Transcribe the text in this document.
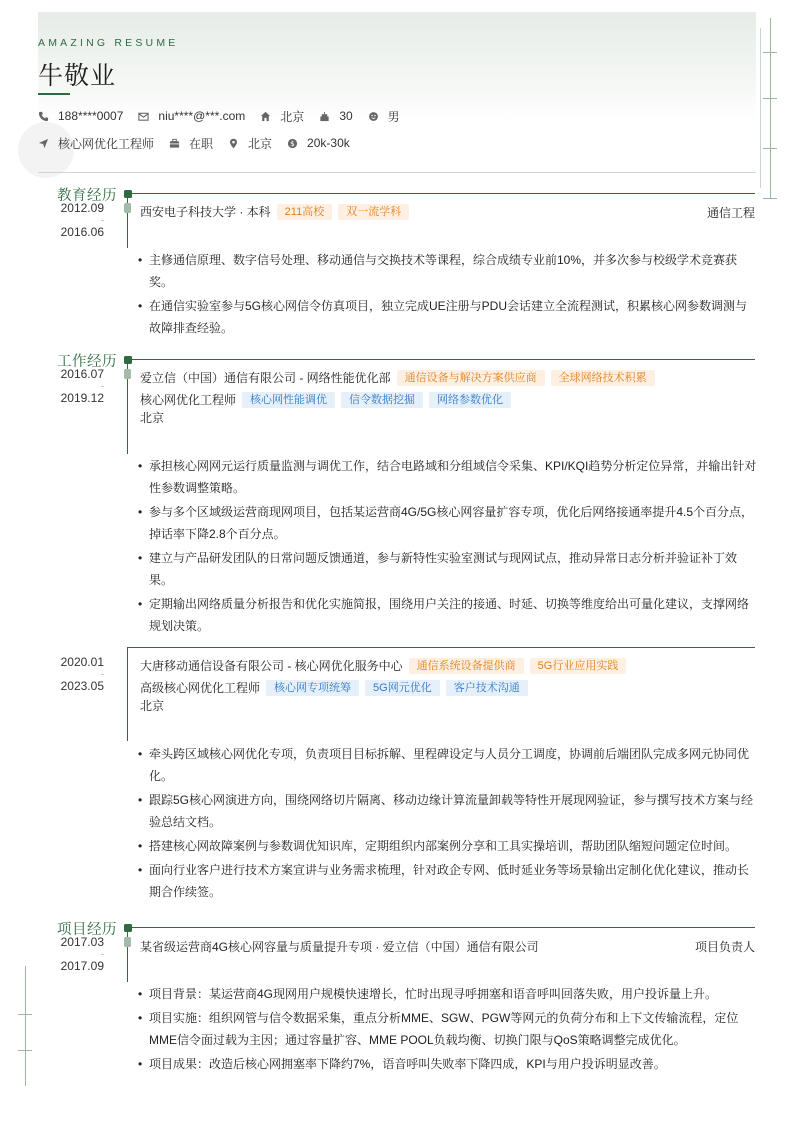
AMAZING RESUME
牛敬业
188****0007	niu****@***.com	北京	30	男
核心网优化工程师	在职	北京 $ 20k-30k
教育经历
2012.09
-
2016.06
西安电子科技大学 · 本科	211高校	双一流学科	通信工程
• 主修通信原理、数字信号处理、移动通信与交换技术等课程，综合成绩专业前10%，并多次参与校级学术竞赛获奖。
• 在通信实验室参与5G核心网信令仿真项目，独立完成UE注册与PDU会话建立全流程测试，积累核心网参数调测与故障排查经验。
工作经历
2016.07
-
2019.12
爱立信（中国）通信有限公司 - 网络性能优化部	通信设备与解决方案供应商	全球网络技术积累
核心网优化工程师	核心网性能调优	信令数据挖掘	网络参数优化
北京
• 承担核心网网元运行质量监测与调优工作，结合电路域和分组域信令采集、KPI/KQI趋势分析定位异常，并输出针对性参数调整策略。
• 参与多个区域级运营商现网项目，包括某运营商4G/5G核心网容量扩容专项，优化后网络接通率提升4.5个百分点，掉话率下降2.8个百分点。
• 建立与产品研发团队的日常问题反馈通道，参与新特性实验室测试与现网试点，推动异常日志分析并验证补丁效果。
• 定期输出网络质量分析报告和优化实施简报，围绕用户关注的接通、时延、切换等维度给出可量化建议，支撑网络规划决策。
2020.01
-
2023.05
大唐移动通信设备有限公司 - 核心网优化服务中心	通信系统设备提供商	5G行业应用实践
高级核心网优化工程师	核心网专项统筹	5G网元优化	客户技术沟通
北京
• 牵头跨区域核心网优化专项，负责项目目标拆解、里程碑设定与人员分工调度，协调前后端团队完成多网元协同优化。
• 跟踪5G核心网演进方向，围绕网络切片隔离、移动边缘计算流量卸载等特性开展现网验证，参与撰写技术方案与经验总结文档。
• 搭建核心网故障案例与参数调优知识库，定期组织内部案例分享和工具实操培训，帮助团队缩短问题定位时间。
• 面向行业客户进行技术方案宣讲与业务需求梳理，针对政企专网、低时延业务等场景输出定制化优化建议，推动长期合作续签。
项目经历
2017.03
-
2017.09
某省级运营商4G核心网容量与质量提升专项 · 爱立信（中国）通信有限公司	项目负责人
• 项目背景：某运营商4G现网用户规模快速增长，忙时出现寻呼拥塞和语音呼叫回落失败，用户投诉量上升。
• 项目实施：组织网管与信令数据采集，重点分析MME、SGW、PGW等网元的负荷分布和上下文传输流程，定位MME信令面过载为主因；通过容量扩容、MME POOL负载均衡、切换门限与QoS策略调整完成优化。
• 项目成果：改造后核心网拥塞率下降约7%，语音呼叫失败率下降四成，KPI与用户投诉明显改善。
